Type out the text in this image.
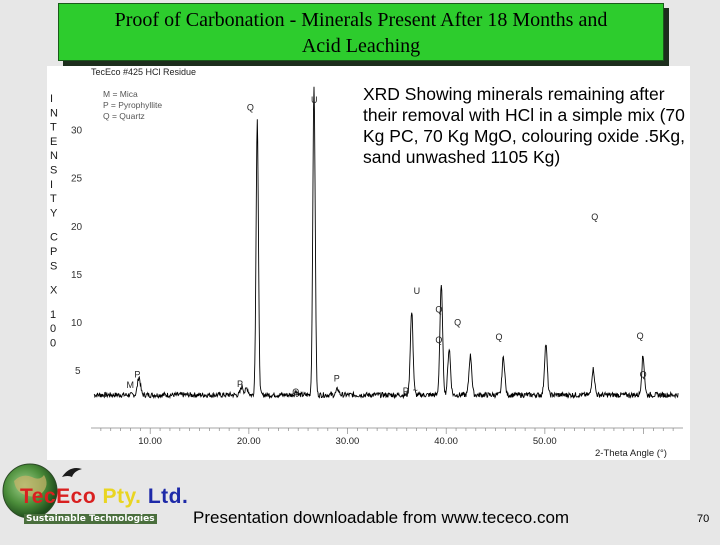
Proof of Carbonation - Minerals Present After 18 Months and
Acid Leaching
TecEco #425 HCl Residue
M = Mica
P = Pyrophyllite
Q = Quartz
I
N
T
E
N
S
I
T
Y
C
P
S
X
1
0
0
5
10
15
20
25
30
10.00	20.00	30.00	40.00	50.00
2-Theta Angle (°)
Q
U
P
M	P
Q
P
P ~
U
Q
Q
Q	Q
Q
Q
Q
XRD Showing minerals remaining after their removal with HCl in a simple mix (70 Kg PC, 70 Kg MgO, colouring oxide .5Kg, sand unwashed 1105 Kg)
TecEco Pty. Ltd.
Sustainable Technologies Presentation downloadable from www.tececo.com	70
